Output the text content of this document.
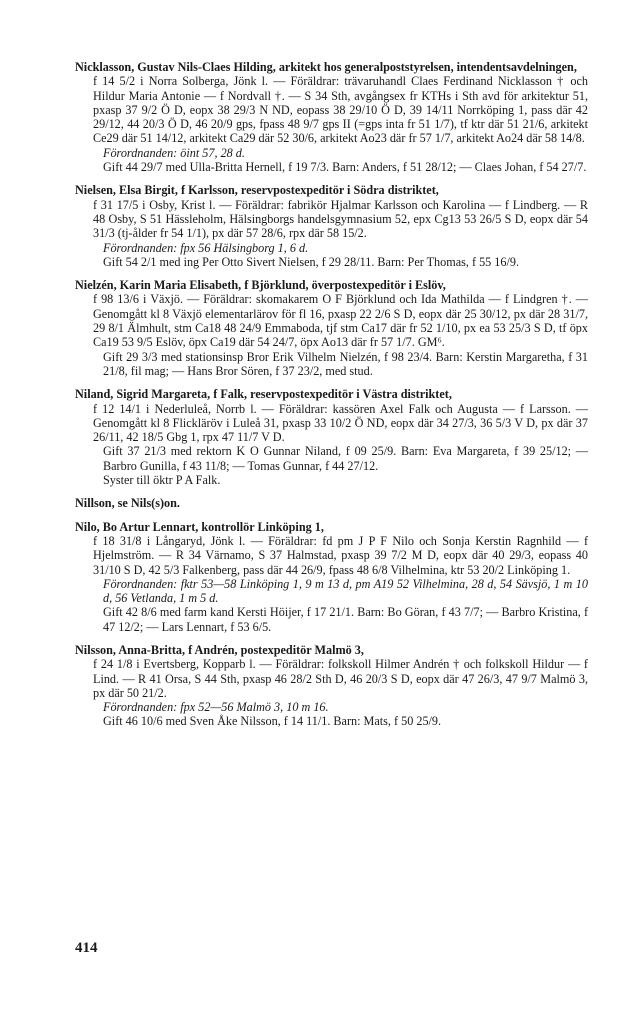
Nicklasson, Gustav Nils-Claes Hilding, arkitekt hos generalpoststyrelsen, intendentsavdelningen,
f 14 5/2 i Norra Solberga, Jönk l. — Föräldrar: trävaruhandl Claes Ferdinand Nicklasson † och Hildur Maria Antonie — f Nordvall †. — S 34 Sth, avgångsex fr KTHs i Sth avd för arkitektur 51, pxasp 37 9/2 Ö D, eopx 38 29/3 N ND, eopass 38 29/10 Ö D, 39 14/11 Norrköping 1, pass där 42 29/12, 44 20/3 Ö D, 46 20/9 gps, fpass 48 9/7 gps II (=gps inta fr 51 1/7), tf ktr där 51 21/6, arkitekt Ce29 där 51 14/12, arkitekt Ca29 där 52 30/6, arkitekt Ao23 där fr 57 1/7, arkitekt Ao24 där 58 14/8.
Förordnanden: öint 57, 28 d.
Gift 44 29/7 med Ulla-Britta Hernell, f 19 7/3. Barn: Anders, f 51 28/12; — Claes Johan, f 54 27/7.
Nielsen, Elsa Birgit, f Karlsson, reservpostexpeditör i Södra distriktet,
f 31 17/5 i Osby, Krist l. — Föräldrar: fabrikör Hjalmar Karlsson och Karolina — f Lindberg. — R 48 Osby, S 51 Hässleholm, Hälsingborgs handelsgymnasium 52, epx Cg13 53 26/5 S D, eopx där 54 31/3 (tj-ålder fr 54 1/1), px där 57 28/6, rpx där 58 15/2.
Förordnanden: fpx 56 Hälsingborg 1, 6 d.
Gift 54 2/1 med ing Per Otto Sivert Nielsen, f 29 28/11. Barn: Per Thomas, f 55 16/9.
Nielzén, Karin Maria Elisabeth, f Björklund, överpostexpeditör i Eslöv,
f 98 13/6 i Växjö. — Föräldrar: skomakarem O F Björklund och Ida Mathilda — f Lindgren †. — Genomgått kl 8 Växjö elementarlärov för fl 16, pxasp 22 2/6 S D, eopx där 25 30/12, px där 28 31/7, 29 8/1 Älmhult, stm Ca18 48 24/9 Emmaboda, tjf stm Ca17 där fr 52 1/10, px ea 53 25/3 S D, tf öpx Ca19 53 9/5 Eslöv, öpx Ca19 där 54 24/7, öpx Ao13 där fr 57 1/7. GM⁶.
Gift 29 3/3 med stationsinsp Bror Erik Vilhelm Nielzén, f 98 23/4. Barn: Kerstin Margaretha, f 31 21/8, fil mag; — Hans Bror Sören, f 37 23/2, med stud.
Niland, Sigrid Margareta, f Falk, reservpostexpeditör i Västra distriktet,
f 12 14/1 i Nederluleå, Norrb l. — Föräldrar: kassören Axel Falk och Augusta — f Larsson. — Genomgått kl 8 Flickläröv i Luleå 31, pxasp 33 10/2 Ö ND, eopx där 34 27/3, 36 5/3 V D, px där 37 26/11, 42 18/5 Gbg 1, rpx 47 11/7 V D.
Gift 37 21/3 med rektorn K O Gunnar Niland, f 09 25/9. Barn: Eva Margareta, f 39 25/12; — Barbro Gunilla, f 43 11/8; — Tomas Gunnar, f 44 27/12.
Syster till öktr P A Falk.
Nillson, se Nils(s)on.
Nilo, Bo Artur Lennart, kontrollör Linköping 1,
f 18 31/8 i Långaryd, Jönk l. — Föräldrar: fd pm J P F Nilo och Sonja Kerstin Ragnhild — f Hjelmström. — R 34 Värnamo, S 37 Halmstad, pxasp 39 7/2 M D, eopx där 40 29/3, eopass 40 31/10 S D, 42 5/3 Falkenberg, pass där 44 26/9, fpass 48 6/8 Vilhelmina, ktr 53 20/2 Linköping 1.
Förordnanden: fktr 53—58 Linköping 1, 9 m 13 d, pm A19 52 Vilhelmina, 28 d, 54 Sävsjö, 1 m 10 d, 56 Vetlanda, 1 m 5 d.
Gift 42 8/6 med farm kand Kersti Höijer, f 17 21/1. Barn: Bo Göran, f 43 7/7; — Barbro Kristina, f 47 12/2; — Lars Lennart, f 53 6/5.
Nilsson, Anna-Britta, f Andrén, postexpeditör Malmö 3,
f 24 1/8 i Evertsberg, Kopparb l. — Föräldrar: folkskoll Hilmer Andrén † och folkskoll Hildur — f Lind. — R 41 Orsa, S 44 Sth, pxasp 46 28/2 Sth D, 46 20/3 S D, eopx där 47 26/3, 47 9/7 Malmö 3, px där 50 21/2.
Förordnanden: fpx 52—56 Malmö 3, 10 m 16.
Gift 46 10/6 med Sven Åke Nilsson, f 14 11/1. Barn: Mats, f 50 25/9.
414
